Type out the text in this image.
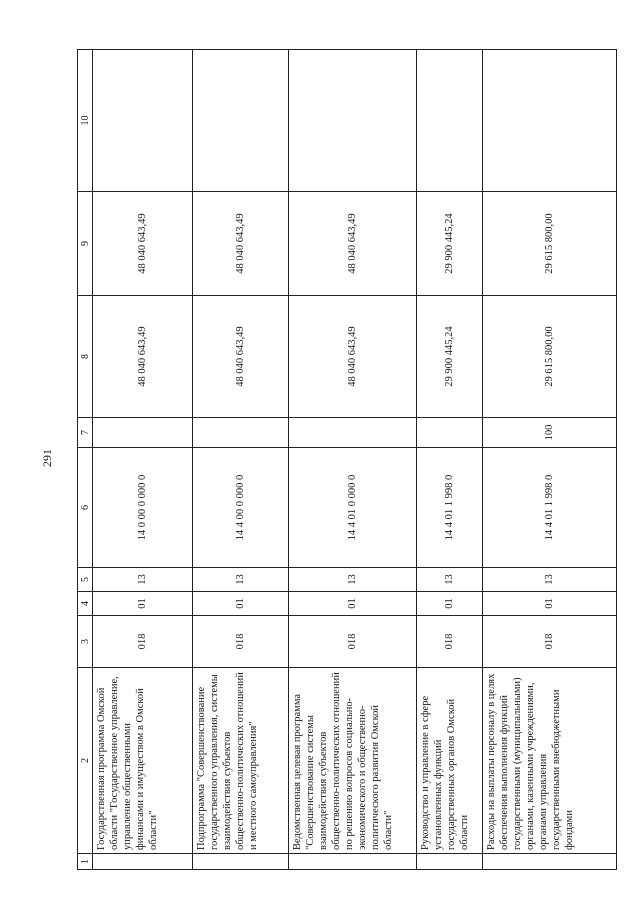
291
1	2	3	4	5	6	7	8	9	10
	Государственная программа Омской области "Государственное управление, управление общественными финансами и имуществом в Омской области"	018	01	13	14 0 00 0 000 0		48 040 643,49	48 040 643,49	
	Подпрограмма "Совершенствование государственного управления, системы взаимодействия субъектов общественно-политических отношений и местного самоуправления"	018	01	13	14 4 00 0 000 0		48 040 643,49	48 040 643,49	
	Ведомственная целевая программа "Совершенствование системы взаимодействия субъектов общественно-политических отношений по решению вопросов социально-экономического и общественно-политического развития Омской области"	018	01	13	14 4 01 0 000 0		48 040 643,49	48 040 643,49	
	Руководство и управление в сфере установленных функций государственных органов Омской области	018	01	13	14 4 01 1 998 0		29 900 445,24	29 900 445,24	
	Расходы на выплаты персоналу в целях обеспечения выполнения функций государственными (муниципальными) органами, казенными учреждениями, органами управления государственными внебюджетными фондами	018	01	13	14 4 01 1 998 0	100	29 615 800,00	29 615 800,00	
